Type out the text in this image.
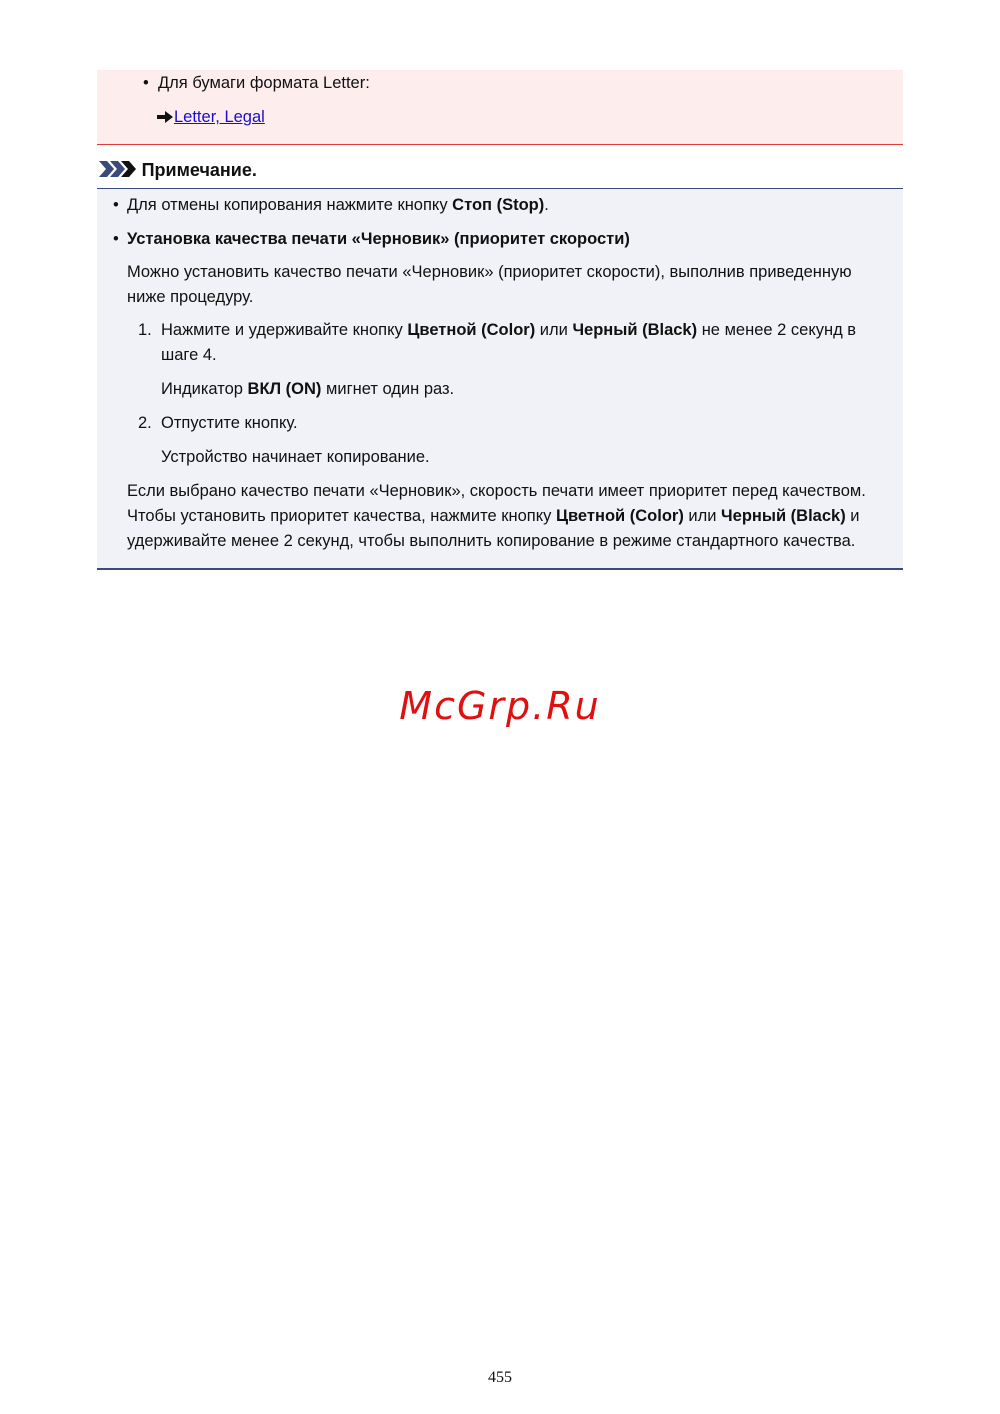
• Для бумаги формата Letter:
Letter, Legal
Примечание.
• Для отмены копирования нажмите кнопку Стоп (Stop).
• Установка качества печати «Черновик» (приоритет скорости)
Можно установить качество печати «Черновик» (приоритет скорости), выполнив приведенную
ниже процедуру.
1. Нажмите и удерживайте кнопку Цветной (Color) или Черный (Black) не менее 2 секунд в
шаге 4.
Индикатор ВКЛ (ON) мигнет один раз.
2. Отпустите кнопку.
Устройство начинает копирование.
Если выбрано качество печати «Черновик», скорость печати имеет приоритет перед качеством.
Чтобы установить приоритет качества, нажмите кнопку Цветной (Color) или Черный (Black) и
удерживайте менее 2 секунд, чтобы выполнить копирование в режиме стандартного качества.
McGrp.Ru
455
